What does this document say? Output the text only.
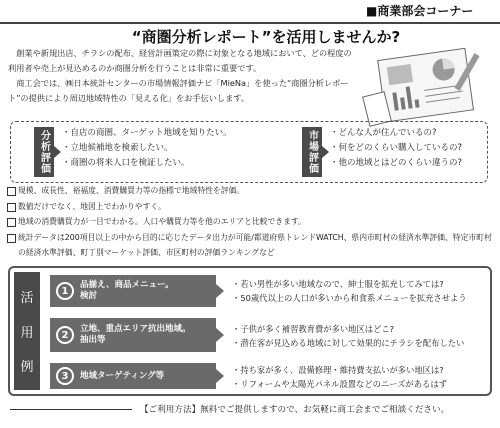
■商業部会コーナー
“商圏分析レポート”を活用しませんか?

創業や新規出店、チラシの配布、経営計画策定の際に対象となる地域において、どの程度の利用者や売上が見込めるのか商圏分析を行うことは非常に重要です。

商工会では、㈱日本統計センターの市場情報評価ナビ「MieNa」を使った“商圏分析レポート”の提供により周辺地域特性の「見える化」をお手伝いします。

分析評価	・ 自店の商圏、ターゲット地域を知りたい。
・ 立地候補地を検索したい。
・ 商圏の将来人口を検証したい。	市場評価	・ どんな人が住んでいるの?
・ 何をどのくらい購入しているの?
・ 他の地域とはどのくらい違うの?
規模、成長性、裕福度、消費購買力等の指標で地域特性を評価。
数値だけでなく、地図上でわかりやすく。
地域の消費購買力が一目でわかる。人口や購買力等を他のエリアと比較できます。
統計データは200項目以上の中から目的に応じたデータ出力が可能/都道府県トレンドWATCH、県内市町村の経済水準評価、特定市町村の経済水準評価、町丁別マーケット評価、市区町村の評価ランキングなど
活
用
例
1
品揃え、商品メニュー。
検討
・ 若い男性が多い地域なので、紳士服を拡充してみては?
・ 50歳代以上の人口が多いから和食系メニューを拡充させよう
2
立地、重点エリア抗出地域。
抽出等
・ 子供が多く補習教育費が多い地区はどこ?
・ 潜在客が見込める地域に対して効果的にチラシを配布したい
3	地域ターゲティング等
・ 持ち家が多く、設備修理・維持費支払いが多い地区は?
・ リフォームや太陽光パネル設置などのニーズがあるはず
【ご利用方法】無料でご提供しますので、お気軽に商工会までご相談ください。
